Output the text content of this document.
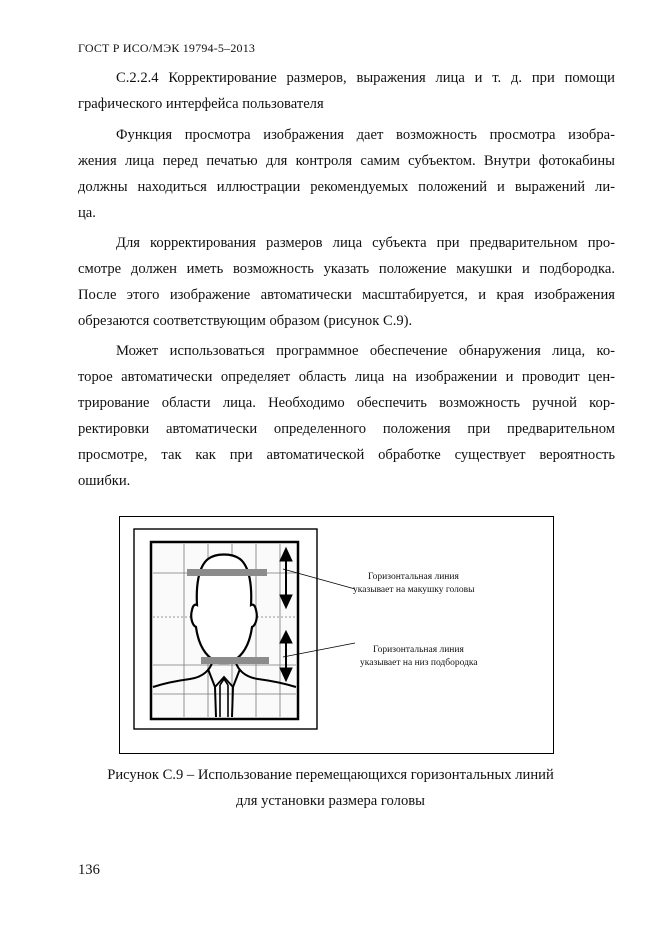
ГОСТ Р ИСО/МЭК 19794-5–2013
С.2.2.4 Корректирование размеров, выражения лица и т. д. при помощи
графического интерфейса пользователя
Функция просмотра изображения дает возможность просмотра изобра-
жения лица перед печатью для контроля самим субъектом. Внутри фотокабины
должны находиться иллюстрации рекомендуемых положений и выражений ли-
ца.
Для корректирования размеров лица субъекта при предварительном про-
смотре должен иметь возможность указать положение макушки и подбородка.
После этого изображение автоматически масштабируется, и края изображения
обрезаются соответствующим образом (рисунок С.9).
Может использоваться программное обеспечение обнаружения лица, ко-
торое автоматически определяет область лица на изображении и проводит цен-
трирование области лица. Необходимо обеспечить возможность ручной кор-
ректировки автоматически определенного положения при предварительном
просмотре, так как при автоматической обработке существует вероятность
ошибки.
Горизонтальная линия
указывает на макушку головы
Горизонтальная линия
указывает на низ подбородка
Рисунок С.9 – Использование перемещающихся горизонтальных линий
для установки размера головы
136
